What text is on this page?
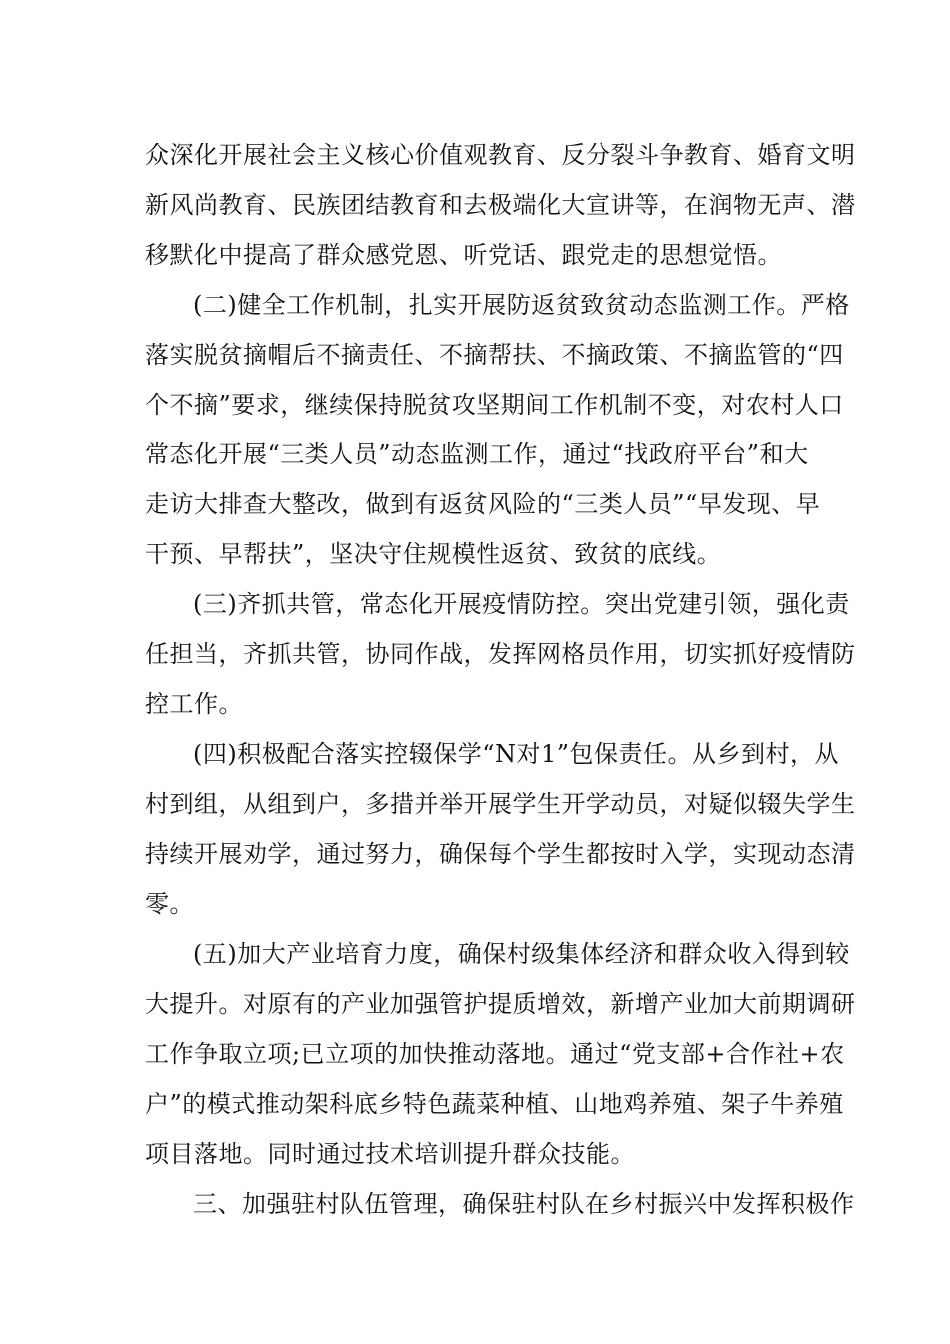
众深化开展社会主义核心价值观教育、反分裂斗争教育、婚育文明
新风尚教育、民族团结教育和去极端化大宣讲等，在润物无声、潜
移默化中提高了群众感党恩、听党话、跟党走的思想觉悟。
(二)健全工作机制，扎实开展防返贫致贫动态监测工作。严格
落实脱贫摘帽后不摘责任、不摘帮扶、不摘政策、不摘监管的“四
个不摘”要求，继续保持脱贫攻坚期间工作机制不变，对农村人口
常态化开展“三类人员”动态监测工作，通过“找政府平台”和大
走访大排查大整改，做到有返贫风险的“三类人员”“早发现、早
干预、早帮扶”，坚决守住规模性返贫、致贫的底线。
(三)齐抓共管，常态化开展疫情防控。突出党建引领，强化责
任担当，齐抓共管，协同作战，发挥网格员作用，切实抓好疫情防
控工作。
(四)积极配合落实控辍保学“N对1”包保责任。从乡到村，从
村到组，从组到户，多措并举开展学生开学动员，对疑似辍失学生
持续开展劝学，通过努力，确保每个学生都按时入学，实现动态清
零。
(五)加大产业培育力度，确保村级集体经济和群众收入得到较
大提升。对原有的产业加强管护提质增效，新增产业加大前期调研
工作争取立项;已立项的加快推动落地。通过“党支部+合作社+农
户”的模式推动架科底乡特色蔬菜种植、山地鸡养殖、架子牛养殖
项目落地。同时通过技术培训提升群众技能。
三、加强驻村队伍管理，确保驻村队在乡村振兴中发挥积极作
